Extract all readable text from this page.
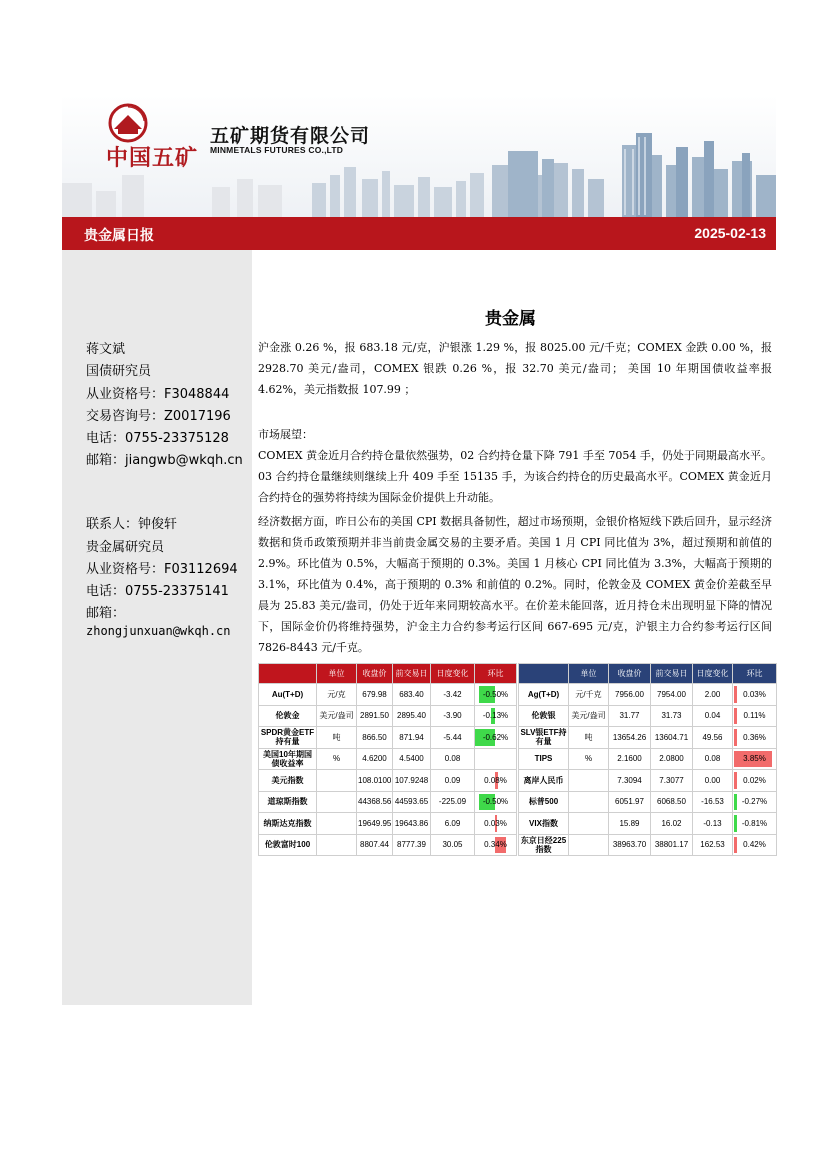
中国五矿
五矿期货有限公司
MINMETALS FUTURES CO.,LTD
贵金属日报	2025-02-13
蒋文斌
国债研究员
从业资格号：F3048844
交易咨询号：Z0017196
电话：0755-23375128
邮箱：jiangwb@wkqh.cn
联系人：钟俊轩
贵金属研究员
从业资格号：F03112694
电话：0755-23375141
邮箱：
zhongjunxuan@wkqh.cn
贵金属
沪金涨 0.26 %，报 683.18 元/克，沪银涨 1.29 %，报 8025.00 元/千克；COMEX 金跌 0.00 %，报 2928.70 美元/盎司，COMEX 银跌 0.26 %，报 32.70 美元/盎司； 美国 10 年期国债收益率报 4.62%，美元指数报 107.99 ；
市场展望：
COMEX 黄金近月合约持仓量依然强势，02 合约持仓量下降 791 手至 7054 手，仍处于同期最高水平。03 合约持仓量继续则继续上升 409 手至 15135 手，为该合约持仓的历史最高水平。COMEX 黄金近月合约持仓的强势将持续为国际金价提供上升动能。
经济数据方面，昨日公布的美国 CPI 数据具备韧性，超过市场预期，金银价格短线下跌后回升，显示经济数据和货币政策预期并非当前贵金属交易的主要矛盾。美国 1 月 CPI 同比值为 3%，超过预期和前值的 2.9%。环比值为 0.5%，大幅高于预期的 0.3%。美国 1 月核心 CPI 同比值为 3.3%，大幅高于预期的 3.1%，环比值为 0.4%，高于预期的 0.3% 和前值的 0.2%。同时，伦敦金及 COMEX 黄金价差截至早晨为 25.83 美元/盎司，仍处于近年来同期较高水平。在价差未能回落，近月持仓未出现明显下降的情况下，国际金价仍将维持强势，沪金主力合约参考运行区间 667-695 元/克，沪银主力合约参考运行区间 7826-8443 元/千克。
	单位	收盘价	前交易日	日度变化	环比
Au(T+D)	元/克	679.98	683.40	-3.42	-0.50%
伦敦金	美元/盎司	2891.50	2895.40	-3.90	-0.13%
SPDR黄金ETF持有量	吨	866.50	871.94	-5.44	-0.62%
美国10年期国债收益率	%	4.6200	4.5400	0.08	
美元指数		108.0100	107.9248	0.09	0.08%
道琼斯指数		44368.56	44593.65	-225.09	-0.50%
纳斯达克指数		19649.95	19643.86	6.09	0.03%
伦敦富时100		8807.44	8777.39	30.05	0.34%
	单位	收盘价	前交易日	日度变化	环比
Ag(T+D)	元/千克	7956.00	7954.00	2.00	0.03%
伦敦银	美元/盎司	31.77	31.73	0.04	0.11%
SLV银ETF持有量	吨	13654.26	13604.71	49.56	0.36%
TIPS	%	2.1600	2.0800	0.08	3.85%
离岸人民币		7.3094	7.3077	0.00	0.02%
标普500		6051.97	6068.50	-16.53	-0.27%
VIX指数		15.89	16.02	-0.13	-0.81%
东京日经225指数		38963.70	38801.17	162.53	0.42%
